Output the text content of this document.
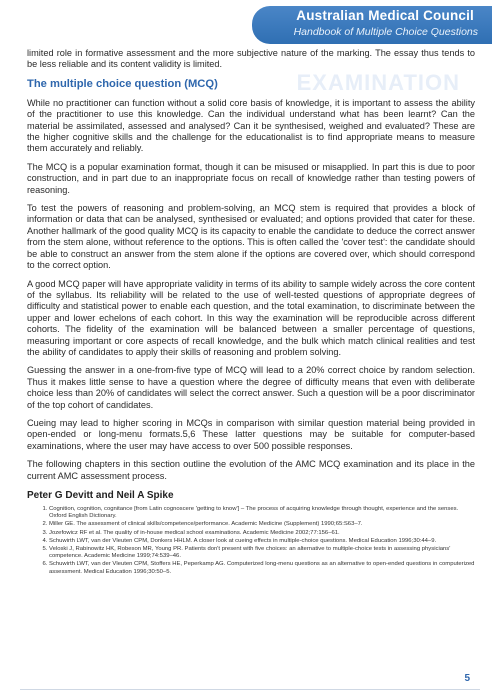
Australian Medical Council
Handbook of Multiple Choice Questions
EXAMINATION

limited role in formative assessment and the more subjective nature of the marking. The essay thus tends to be less reliable and its content validity is limited.

The multiple choice question (MCQ)

While no practitioner can function without a solid core basis of knowledge, it is important to assess the ability of the practitioner to use this knowledge. Can the individual understand what has been learnt? Can the material be assimilated, assessed and analysed? Can it be synthesised, weighed and evaluated? These are the higher cognitive skills and the challenge for the educationalist is to find appropriate means to measure them accurately and reliably.

The MCQ is a popular examination format, though it can be misused or misapplied. In part this is due to poor construction, and in part due to an inappropriate focus on recall of knowledge rather than testing powers of reasoning.

To test the powers of reasoning and problem-solving, an MCQ stem is required that provides a block of information or data that can be analysed, synthesised or evaluated; and options provided that cater for these. Another hallmark of the good quality MCQ is its capacity to enable the candidate to deduce the correct answer from the stem alone, without reference to the options. This is often called the 'cover test': the candidate should be able to construct an answer from the stem alone if the options are covered over, which should correspond to the correct option.

A good MCQ paper will have appropriate validity in terms of its ability to sample widely across the core content of the syllabus. Its reliability will be related to the use of well-tested questions of appropriate degrees of difficulty and statistical power to enable each question, and the total examination, to discriminate between the upper and lower echelons of each cohort. In this way the examination will be reproducible across different cohorts. The fidelity of the examination will be balanced between a smaller percentage of questions, measuring important or core aspects of recall knowledge, and the bulk which match clinical realities and test the ability of candidates to apply their skills of reasoning and problem solving.

Guessing the answer in a one-from-five type of MCQ will lead to a 20% correct choice by random selection. Thus it makes little sense to have a question where the degree of difficulty means that even with deliberate choice less than 20% of candidates will select the correct answer. Such a question will be a poor discriminator of the top cohort of candidates.

Cueing may lead to higher scoring in MCQs in comparison with similar question material being provided in open-ended or long-menu formats.5,6 These latter questions may be suitable for computer-based examinations, where the user may have access to over 500 possible responses.

The following chapters in this section outline the evolution of the AMC MCQ examination and its place in the current AMC assessment process.

Peter G Devitt and Neil A Spike
1. Cognition, cognition, cognitance [from Latin cognoscere 'getting to know'] – The process of acquiring knowledge through thought, experience and the senses. Oxford English Dictionary.
2. Miller GE. The assessment of clinical skills/competence/performance. Academic Medicine (Supplement) 1990;65:S63–7.
3. Jozefowicz RF et al. The quality of in-house medical school examinations. Academic Medicine 2002;77:156–61.
4. Schuwirth LWT, van der Vleuten CPM, Donkers HHLM. A closer look at cueing effects in multiple-choice questions. Medical Education 1996;30:44–9.
5. Veloski J, Rabinowitz HK, Robeson MR, Young PR. Patients don't present with five choices: an alternative to multiple-choice tests in assessing physicians' competence. Academic Medicine 1999;74:539–46.
6. Schuwirth LWT, van der Vleuten CPM, Stoffers HE, Peperkamp AG. Computerized long-menu questions as an alternative to open-ended questions in computerized assessment. Medical Education 1996;30:50–5.
5
